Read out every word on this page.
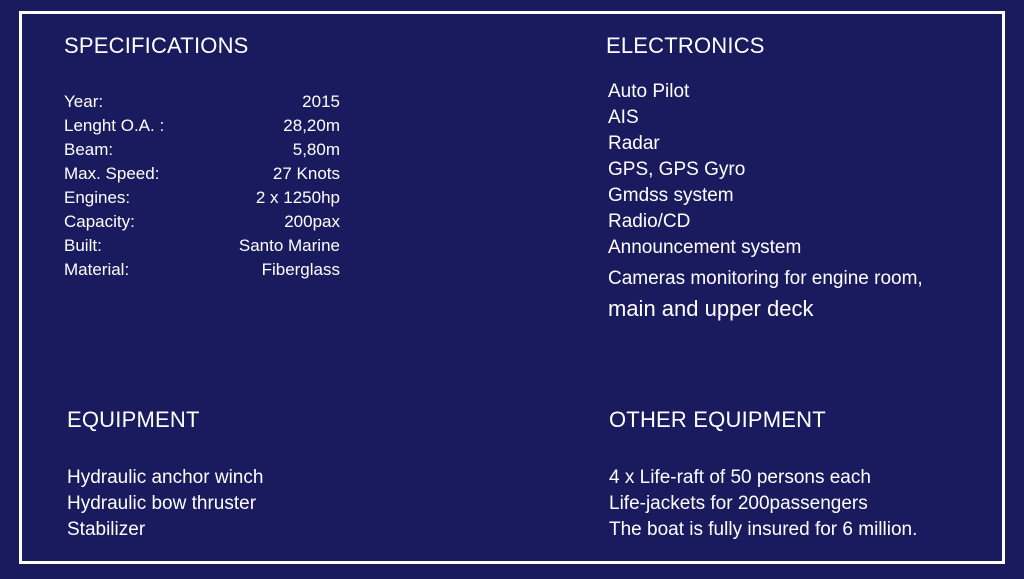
SPECIFICATIONS
Year:	2015
Lenght O.A. :	28,20m
Beam:	5,80m
Max. Speed:	27 Knots
Engines:	2 x 1250hp
Capacity:	200pax
Built:	Santo Marine
Material:	Fiberglass
ELECTRONICS
Auto Pilot
AIS
Radar
GPS, GPS Gyro
Gmdss system
Radio/CD
Announcement system
Cameras monitoring for engine room,
main and upper deck
EQUIPMENT
Hydraulic anchor winch
Hydraulic bow thruster
Stabilizer
OTHER EQUIPMENT
4 x Life-raft of 50 persons each
Life-jackets for 200passengers
The boat is fully insured for 6 million.
